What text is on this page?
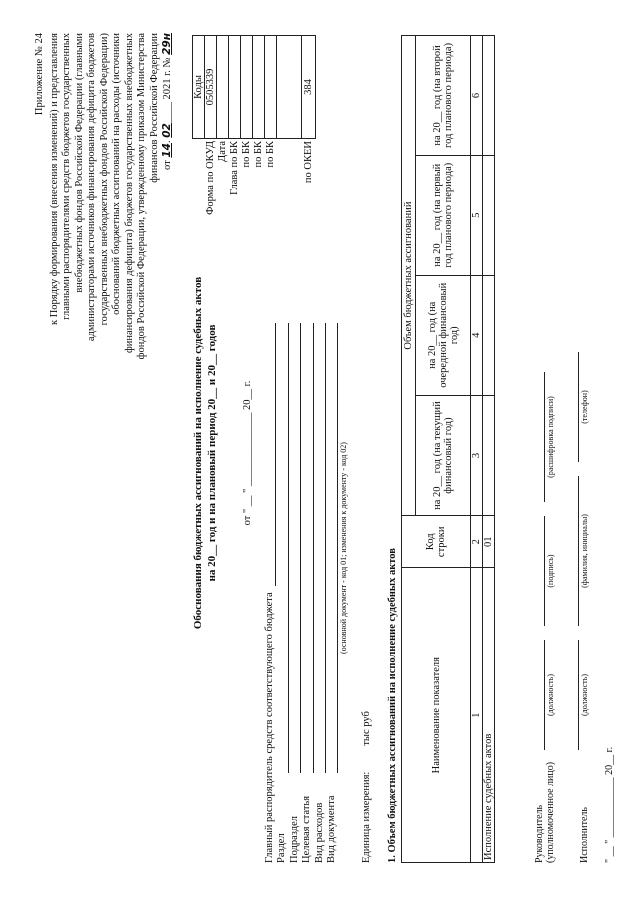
Приложение № 24 к Порядку формирования (внесения изменений) и представления главными распорядителями средств бюджетов государственных внебюджетных фондов Российской Федерации (главными администраторами источников финансирования дефицита бюджетов государственных внебюджетных фондов Российской Федерации) обоснований бюджетных ассигнований на расходы (источники финансирования дефицита) бюджетов государственных внебюджетных фондов Российской Федерации, утвержденному приказом Министерства финансов Российской Федерации от 14. 02____ 2021 г. № 29н
Обоснования бюджетных ассигнований на исполнение судебных актов на 20__ год и на плановый период 20__ и 20__ годов от " __ " ______________ 20__ г.
	Коды
Форма по ОКУД	0505339
Дата	
Глава по БК	
по БК	
по БК	
по БК	

по ОКЕИ	384
Главный распорядитель средств соответствующего бюджета Раздел Подраздел Целевая статья Вид расходов Вид документа
(основной документ - код 01; изменения к документу - код 02)
Единица измерения:тыс руб 1. Объем бюджетных ассигнований на исполнение судебных актов	Наименование показателя	Код строки	Объем бюджетных ассигнований			
		на 20__ год (на текущий финансовый год)	на 20__ год (на очередной финансовый год)	на 20__ год (на первый год планового периода)	на 20__ год (на второй год планового периода)
1	2	3	4	5	6
Исполнение судебных актов	01				
Руководитель (уполномоченное лицо)
(должность)
(подпись)
(расшифровка подписи)
Исполнитель
(должность)
(фамилия, инициалы)
(телефон)
" __ " ____________ 20__ г.
